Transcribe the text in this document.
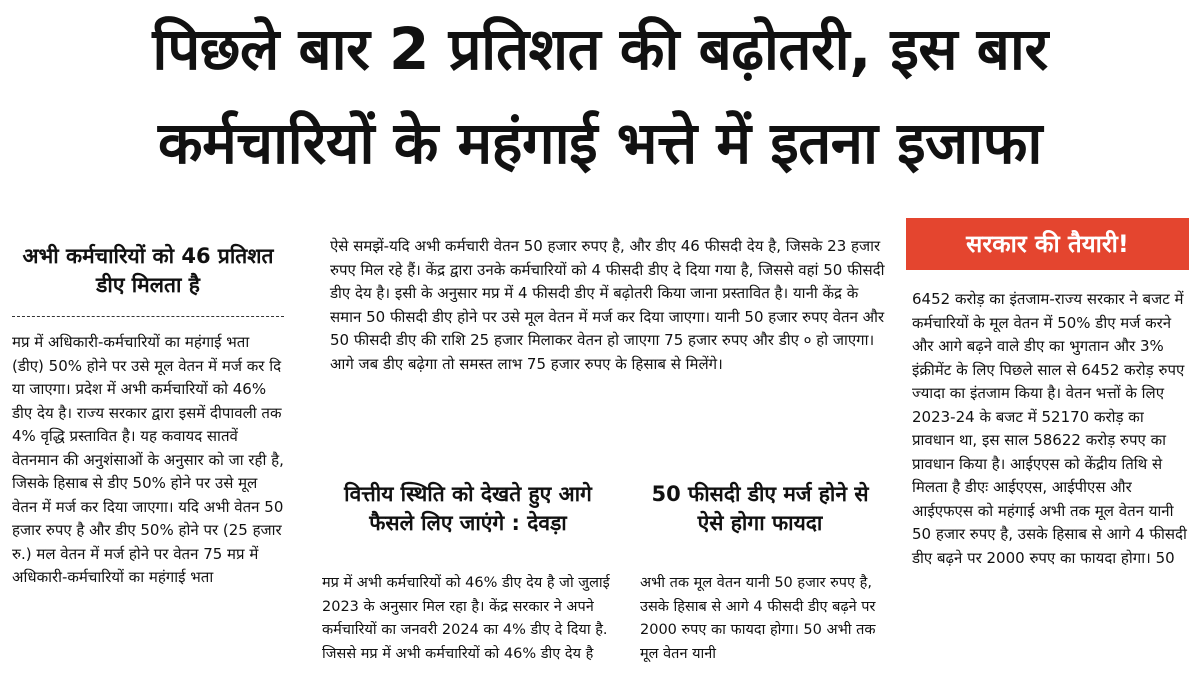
पिछले बार 2 प्रतिशत की बढ़ोतरी, इस बार
कर्मचारियों के महंगाई भत्ते में इतना इजाफा
अभी कर्मचारियों को 46 प्रतिशत डीए मिलता है
मप्र में अधिकारी-कर्मचारियों का महंगाई भता (डीए) 50% होने पर उसे मूल वेतन में मर्ज कर दि या जाएगा। प्रदेश में अभी कर्मचारियों को 46% डीए देय है। राज्य सरकार द्वारा इसमें दीपावली तक 4% वृद्धि प्रस्तावित है। यह कवायद सातवें वेतनमान की अनुशंसाओं के अनुसार को जा रही है, जिसके हिसाब से डीए 50% होने पर उसे मूल वेतन में मर्ज कर दिया जाएगा। यदि अभी वेतन 50 हजार रुपए है और डीए 50% होने पर (25 हजार रु.) मल वेतन में मर्ज होने पर वेतन 75 मप्र में अधिकारी-कर्मचारियों का महंगाई भता
ऐसे समझें-यदि अभी कर्मचारी वेतन 50 हजार रुपए है, और डीए 46 फीसदी देय है, जिसके 23 हजार रुपए मिल रहे हैं। केंद्र द्वारा उनके कर्मचारियों को 4 फीसदी डीए दे दिया गया है, जिससे वहां 50 फीसदी डीए देय है। इसी के अनुसार मप्र में 4 फीसदी डीए में बढ़ोतरी किया जाना प्रस्तावित है। यानी केंद्र के समान 50 फीसदी डीए होने पर उसे मूल वेतन में मर्ज कर दिया जाएगा। यानी 50 हजार रुपए वेतन और 50 फीसदी डीए की राशि 25 हजार मिलाकर वेतन हो जाएगा 75 हजार रुपए और डीए ० हो जाएगा। आगे जब डीए बढ़ेगा तो समस्त लाभ 75 हजार रुपए के हिसाब से मिलेंगे।
वित्तीय स्थिति को देखते हुए आगे फैसले लिए जाएंगे : देवड़ा
मप्र में अभी कर्मचारियों को 46% डीए देय है जो जुलाई 2023 के अनुसार मिल रहा है। केंद्र सरकार ने अपने कर्मचारियों का जनवरी 2024 का 4% डीए दे दिया है. जिससे मप्र में अभी कर्मचारियों को 46% डीए देय है
50 फीसदी डीए मर्ज होने से ऐसे होगा फायदा
अभी तक मूल वेतन यानी 50 हजार रुपए है, उसके हिसाब से आगे 4 फीसदी डीए बढ़ने पर 2000 रुपए का फायदा होगा। 50 अभी तक मूल वेतन यानी
सरकार की तैयारी!
6452 करोड़ का इंतजाम-राज्य सरकार ने बजट में कर्मचारियों के मूल वेतन में 50% डीए मर्ज करने और आगे बढ़ने वाले डीए का भुगतान और 3% इंक्रीमेंट के लिए पिछले साल से 6452 करोड़ रुपए ज्यादा का इंतजाम किया है। वेतन भत्तों के लिए 2023-24 के बजट में 52170 करोड़ का प्रावधान था, इस साल 58622 करोड़ रुपए का प्रावधान किया है। आईएएस को केंद्रीय तिथि से मिलता है डीएः आईएएस, आईपीएस और आईएफएस को महंगाई अभी तक मूल वेतन यानी 50 हजार रुपए है, उसके हिसाब से आगे 4 फीसदी डीए बढ़ने पर 2000 रुपए का फायदा होगा। 50
